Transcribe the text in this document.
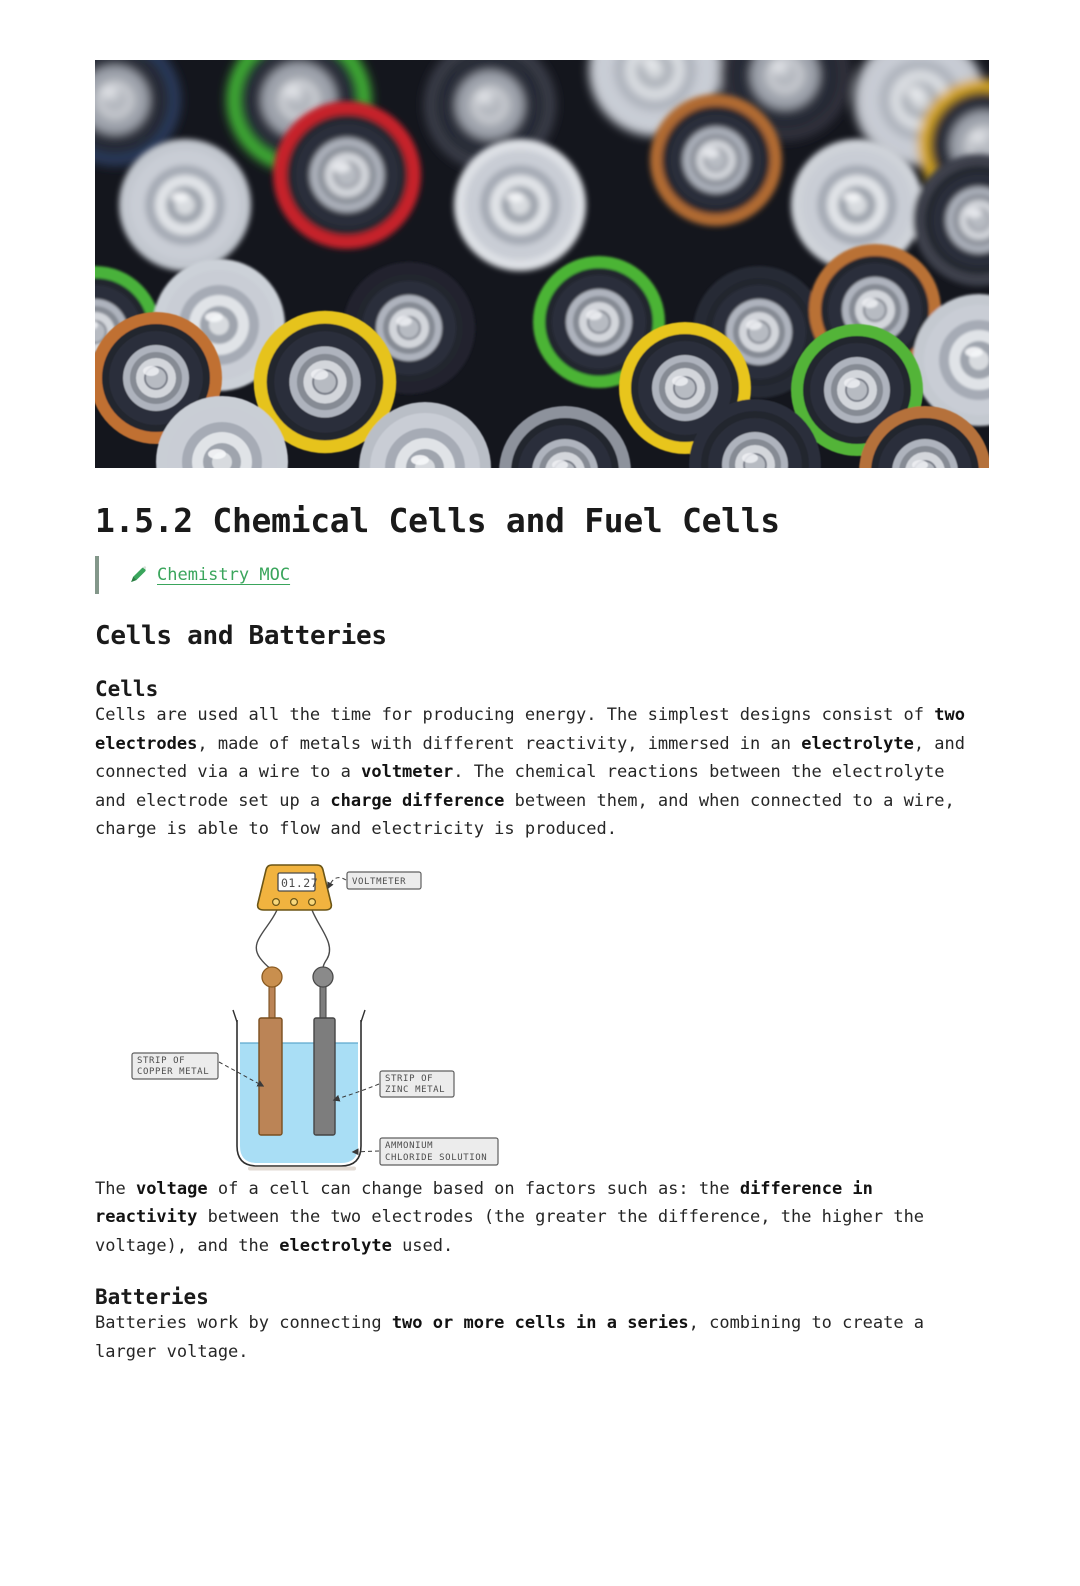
1.5.2 Chemical Cells and Fuel Cells
Chemistry MOC
Cells and Batteries
Cells

Cells are used all the time for producing energy. The simplest designs consist of two electrodes, made of metals with different reactivity, immersed in an electrolyte, and connected via a wire to a voltmeter. The chemical reactions between the electrolyte and electrode set up a charge difference between them, and when connected to a wire, charge is able to flow and electricity is produced.

01.27	VOLTMETER
STRIP OF
COPPER METAL
STRIP OF
ZINC METAL
AMMONIUM
CHLORIDE SOLUTION

The voltage of a cell can change based on factors such as: the difference in reactivity between the two electrodes (the greater the difference, the higher the voltage), and the electrolyte used.

Batteries

Batteries work by connecting two or more cells in a series, combining to create a larger voltage.
